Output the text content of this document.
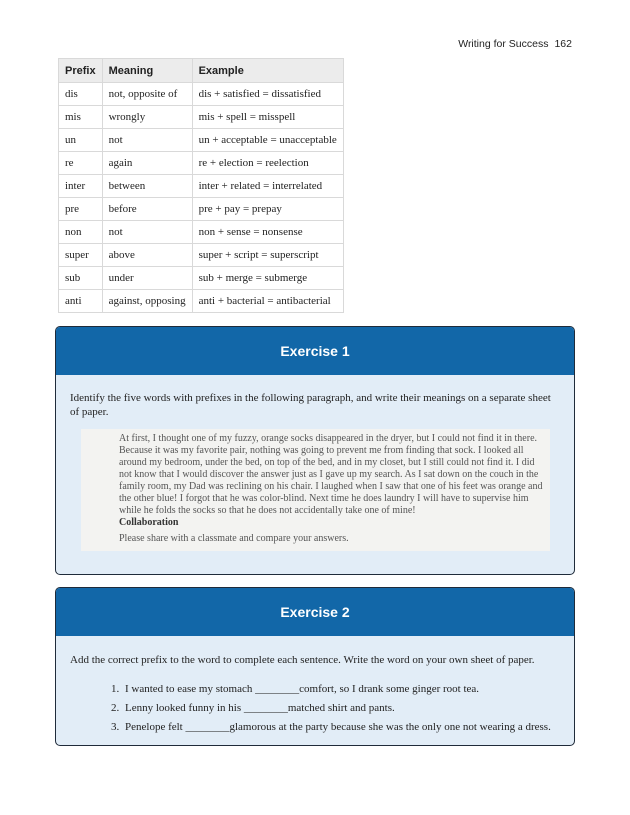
Writing for Success 162
Prefix	Meaning	Example
dis	not, opposite of	dis + satisfied = dissatisfied
mis	wrongly	mis + spell = misspell
un	not	un + acceptable = unacceptable
re	again	re + election = reelection
inter	between	inter + related = interrelated
pre	before	pre + pay = prepay
non	not	non + sense = nonsense
super	above	super + script = superscript
sub	under	sub + merge = submerge
anti	against, opposing	anti + bacterial = antibacterial
Exercise 1

Identify the five words with prefixes in the following paragraph, and write their meanings on a separate sheet of paper.

At first, I thought one of my fuzzy, orange socks disappeared in the dryer, but I could not find it in there. Because it was my favorite pair, nothing was going to prevent me from finding that sock. I looked all around my bedroom, under the bed, on top of the bed, and in my closet, but I still could not find it. I did not know that I would discover the answer just as I gave up my search. As I sat down on the couch in the family room, my Dad was reclining on his chair. I laughed when I saw that one of his feet was orange and the other blue! I forgot that he was color-blind. Next time he does laundry I will have to supervise him while he folds the socks so that he does not accidentally take one of mine!

Collaboration

Please share with a classmate and compare your answers.

Exercise 2

Add the correct prefix to the word to complete each sentence. Write the word on your own sheet of paper.

1. I wanted to ease my stomach ________comfort, so I drank some ginger root tea.
2. Lenny looked funny in his ________matched shirt and pants.
3. Penelope felt ________glamorous at the party because she was the only one not wearing a dress.
